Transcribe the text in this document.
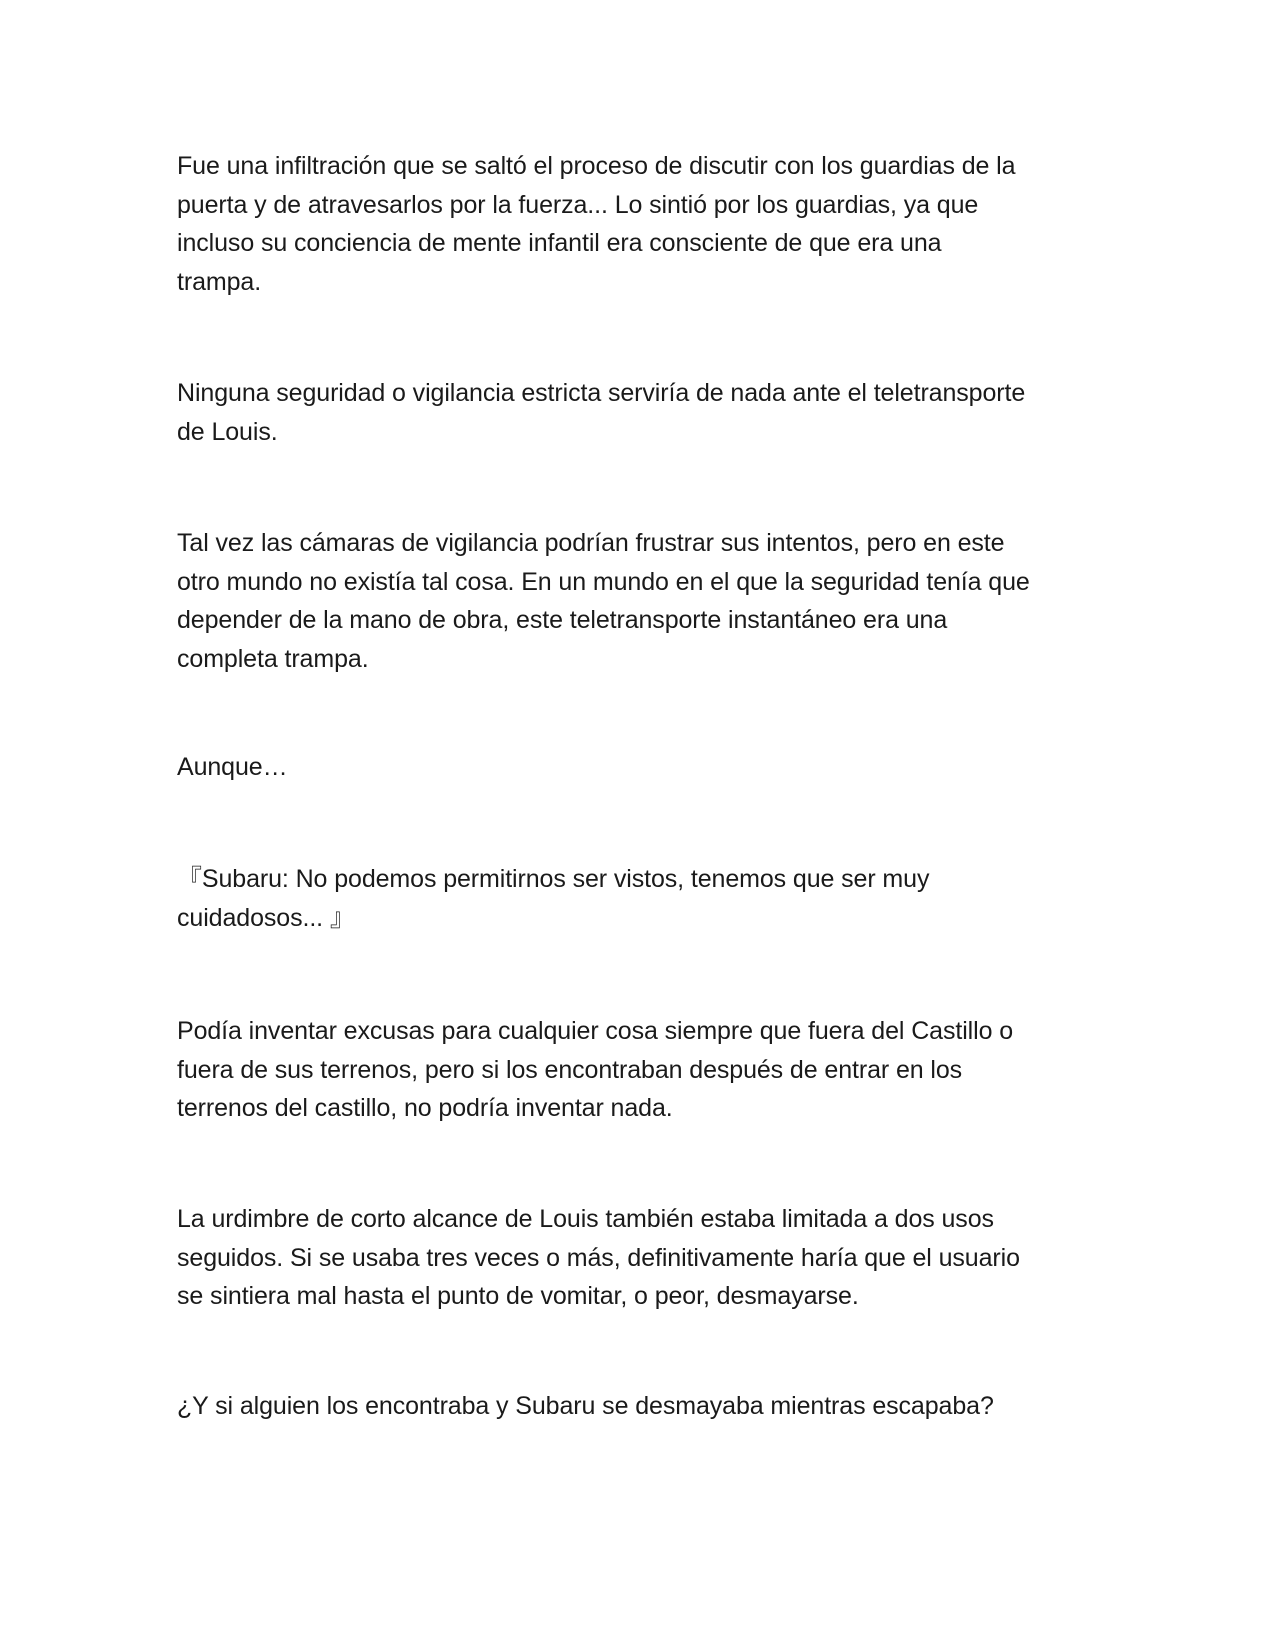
Fue una infiltración que se saltó el proceso de discutir con los guardias de la
puerta y de atravesarlos por la fuerza... Lo sintió por los guardias, ya que
incluso su conciencia de mente infantil era consciente de que era una
trampa.

Ninguna seguridad o vigilancia estricta serviría de nada ante el teletransporte
de Louis.

Tal vez las cámaras de vigilancia podrían frustrar sus intentos, pero en este
otro mundo no existía tal cosa. En un mundo en el que la seguridad tenía que
depender de la mano de obra, este teletransporte instantáneo era una
completa trampa.

Aunque…

『Subaru: No podemos permitirnos ser vistos, tenemos que ser muy
cuidadosos... 』

Podía inventar excusas para cualquier cosa siempre que fuera del Castillo o
fuera de sus terrenos, pero si los encontraban después de entrar en los
terrenos del castillo, no podría inventar nada.

La urdimbre de corto alcance de Louis también estaba limitada a dos usos
seguidos. Si se usaba tres veces o más, definitivamente haría que el usuario
se sintiera mal hasta el punto de vomitar, o peor, desmayarse.

¿Y si alguien los encontraba y Subaru se desmayaba mientras escapaba?
